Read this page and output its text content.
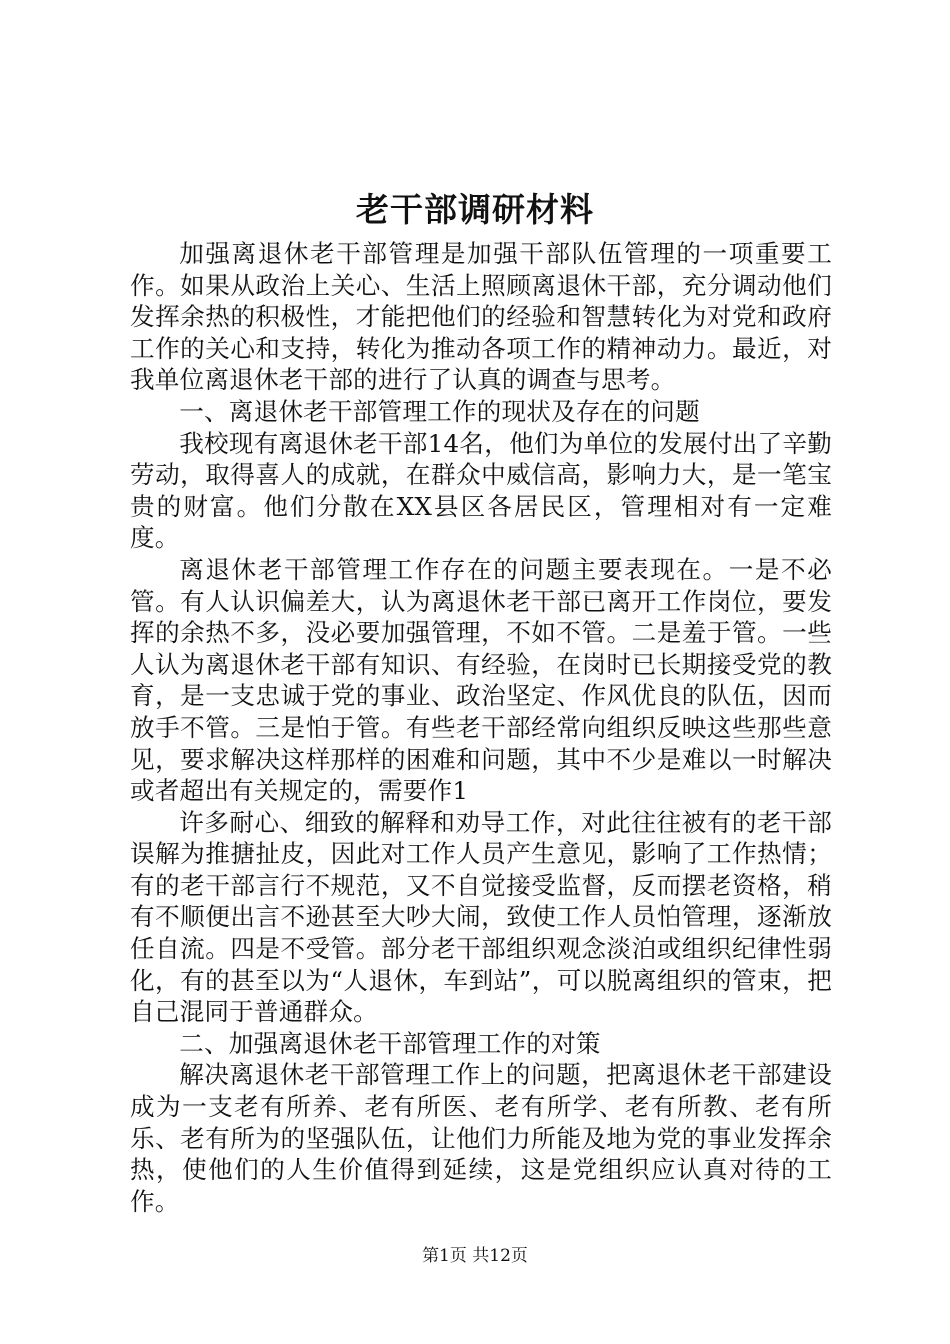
老干部调研材料

加强离退休老干部管理是加强干部队伍管理的一项重要工作。如果从政治上关心、生活上照顾离退休干部，充分调动他们发挥余热的积极性，才能把他们的经验和智慧转化为对党和政府工作的关心和支持，转化为推动各项工作的精神动力。最近，对我单位离退休老干部的进行了认真的调查与思考。

一、离退休老干部管理工作的现状及存在的问题

我校现有离退休老干部14名，他们为单位的发展付出了辛勤劳动，取得喜人的成就，在群众中威信高，影响力大，是一笔宝贵的财富。他们分散在XX县区各居民区，管理相对有一定难度。

离退休老干部管理工作存在的问题主要表现在。一是不必管。有人认识偏差大，认为离退休老干部已离开工作岗位，要发挥的余热不多，没必要加强管理，不如不管。二是羞于管。一些人认为离退休老干部有知识、有经验，在岗时已长期接受党的教育，是一支忠诚于党的事业、政治坚定、作风优良的队伍，因而放手不管。三是怕于管。有些老干部经常向组织反映这些那些意见，要求解决这样那样的困难和问题，其中不少是难以一时解决或者超出有关规定的，需要作1

许多耐心、细致的解释和劝导工作，对此往往被有的老干部误解为推搪扯皮，因此对工作人员产生意见，影响了工作热情；有的老干部言行不规范，又不自觉接受监督，反而摆老资格，稍有不顺便出言不逊甚至大吵大闹，致使工作人员怕管理，逐渐放任自流。四是不受管。部分老干部组织观念淡泊或组织纪律性弱化，有的甚至以为“人退休，车到站”，可以脱离组织的管束，把自己混同于普通群众。

二、加强离退休老干部管理工作的对策

解决离退休老干部管理工作上的问题，把离退休老干部建设成为一支老有所养、老有所医、老有所学、老有所教、老有所乐、老有所为的坚强队伍，让他们力所能及地为党的事业发挥余热，使他们的人生价值得到延续，这是党组织应认真对待的工作。

第1页 共12页
